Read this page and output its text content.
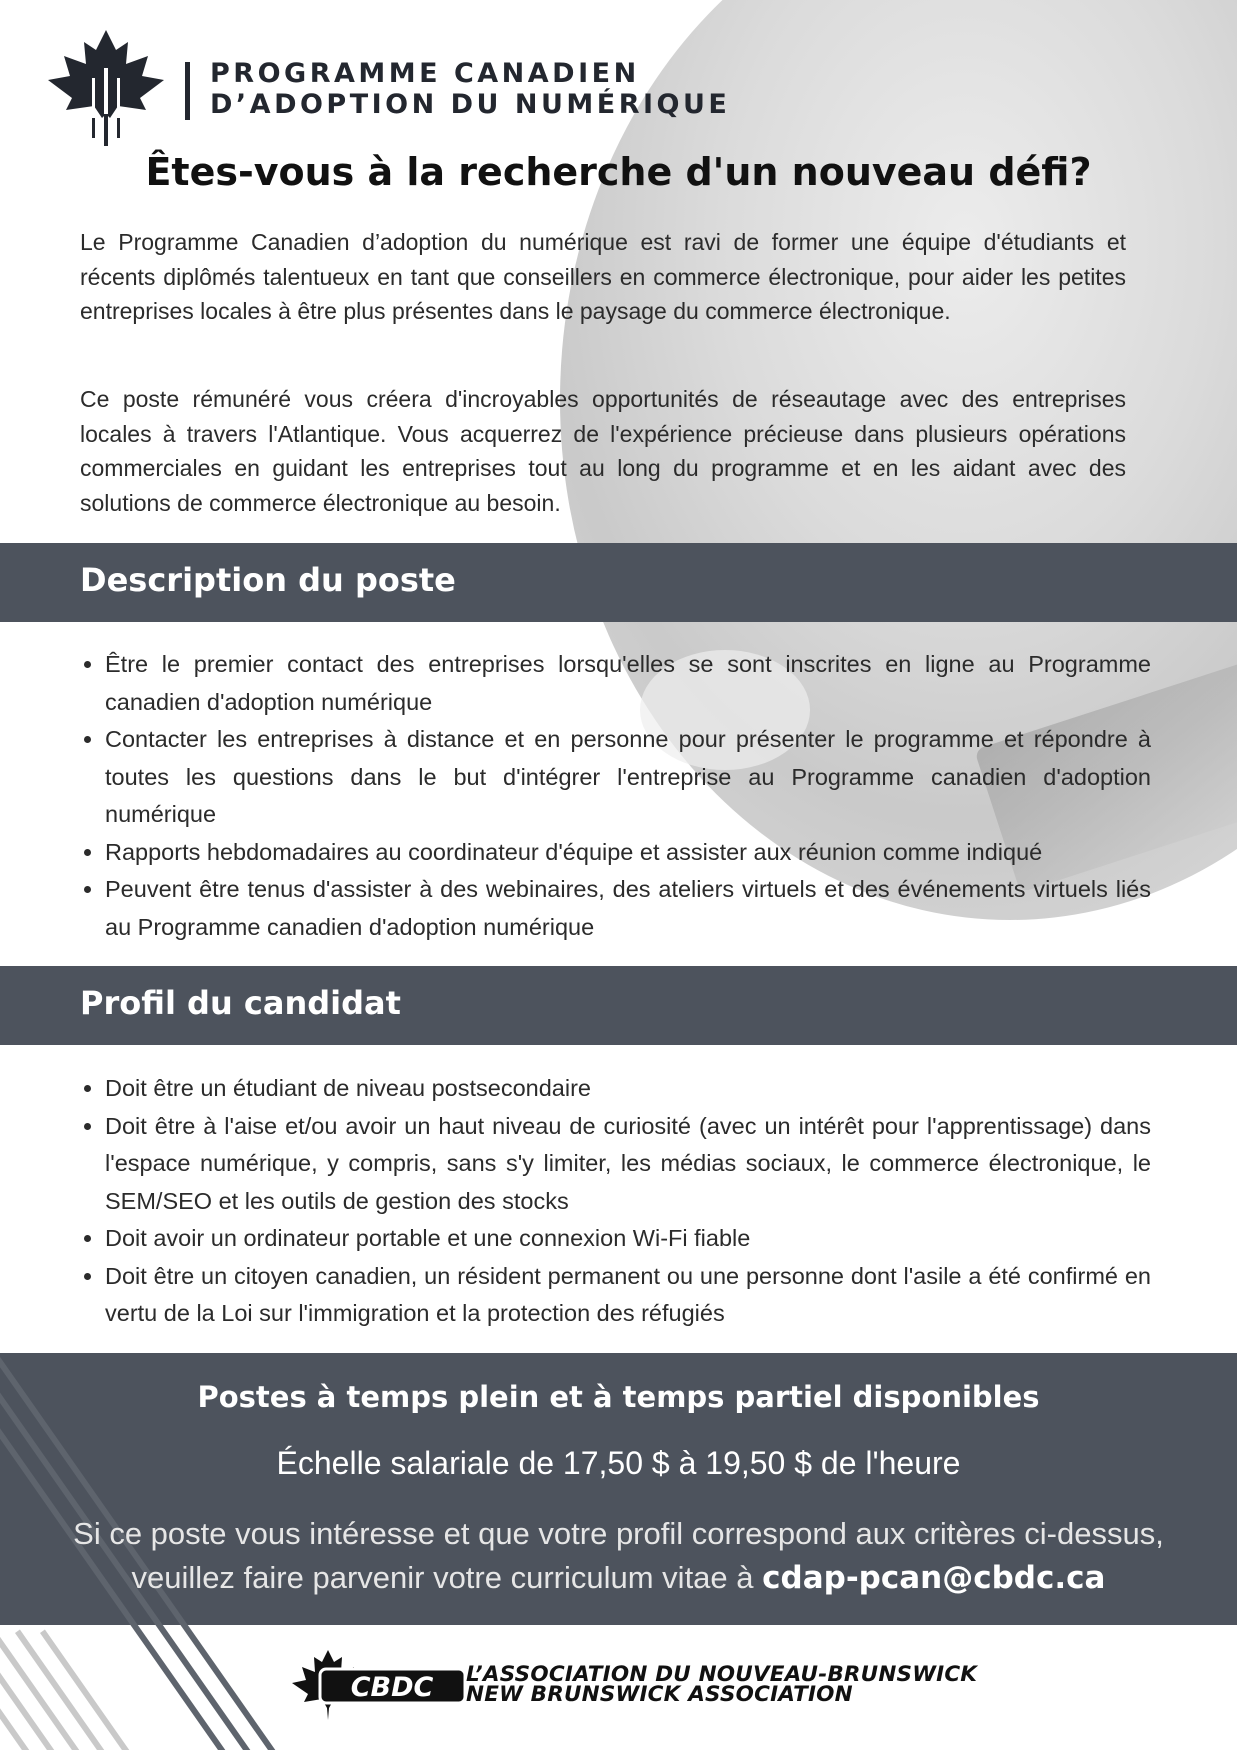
PROGRAMME CANADIEN
D’ADOPTION DU NUMÉRIQUE
Êtes-vous à la recherche d'un nouveau défi?
Le Programme Canadien d’adoption du numérique est ravi de former une équipe d'étudiants et récents diplômés talentueux en tant que conseillers en commerce électronique, pour aider les petites entreprises locales à être plus présentes dans le paysage du commerce électronique.
Ce poste rémunéré vous créera d'incroyables opportunités de réseautage avec des entreprises locales à travers l'Atlantique. Vous acquerrez de l'expérience précieuse dans plusieurs opérations commerciales en guidant les entreprises tout au long du programme et en les aidant avec des solutions de commerce électronique au besoin.
Description du poste
• Être le premier contact des entreprises lorsqu'elles se sont inscrites en ligne au Programme canadien d'adoption numérique
• Contacter les entreprises à distance et en personne pour présenter le programme et répondre à toutes les questions dans le but d'intégrer l'entreprise au Programme canadien d'adoption numérique
• Rapports hebdomadaires au coordinateur d'équipe et assister aux réunion comme indiqué
• Peuvent être tenus d'assister à des webinaires, des ateliers virtuels et des événements virtuels liés au Programme canadien d'adoption numérique
Profil du candidat
• Doit être un étudiant de niveau postsecondaire
• Doit être à l'aise et/ou avoir un haut niveau de curiosité (avec un intérêt pour l'apprentissage) dans l'espace numérique, y compris, sans s'y limiter, les médias sociaux, le commerce électronique, le SEM/SEO et les outils de gestion des stocks
• Doit avoir un ordinateur portable et une connexion Wi-Fi fiable
• Doit être un citoyen canadien, un résident permanent ou une personne dont l'asile a été confirmé en vertu de la Loi sur l'immigration et la protection des réfugiés
Postes à temps plein et à temps partiel disponibles
Échelle salariale de 17,50 $ à 19,50 $ de l'heure
Si ce poste vous intéresse et que votre profil correspond aux critères ci-dessus,
veuillez faire parvenir votre curriculum vitae à cdap-pcan@cbdc.ca
CBDC L’ASSOCIATION DU NOUVEAU-BRUNSWICK
NEW BRUNSWICK ASSOCIATION
